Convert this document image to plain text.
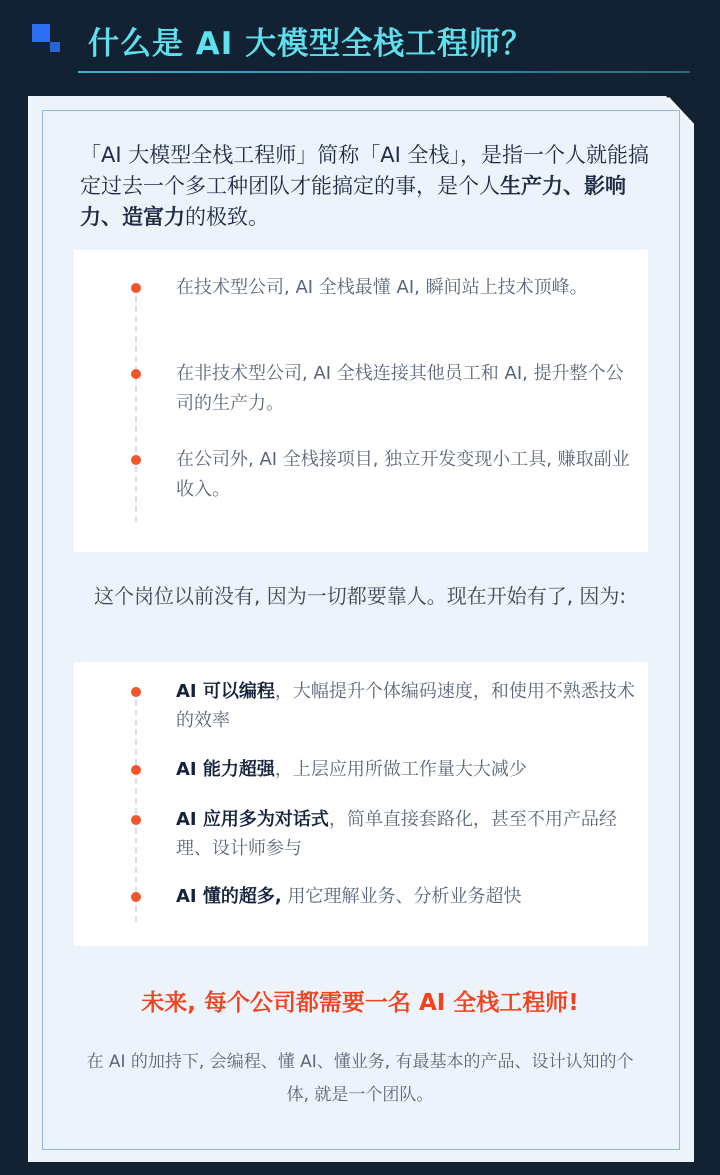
什么是 AI 大模型全栈工程师？
「AI 大模型全栈工程师」简称「AI 全栈」，是指一个人就能搞定过去一个多工种团队才能搞定的事，是个人生产力、影响力、造富力的极致。
在技术型公司, AI 全栈最懂 AI, 瞬间站上技术顶峰。
在非技术型公司, AI 全栈连接其他员工和 AI, 提升整个公司的生产力。
在公司外, AI 全栈接项目, 独立开发变现小工具, 赚取副业收入。
这个岗位以前没有, 因为一切都要靠人。现在开始有了, 因为:
AI 可以编程，大幅提升个体编码速度，和使用不熟悉技术的效率
AI 能力超强，上层应用所做工作量大大减少
AI 应用多为对话式，简单直接套路化，甚至不用产品经理、设计师参与
AI 懂的超多, 用它理解业务、分析业务超快
未来, 每个公司都需要一名 AI 全栈工程师!
在 AI 的加持下, 会编程、懂 AI、懂业务, 有最基本的产品、设计认知的个体, 就是一个团队。
